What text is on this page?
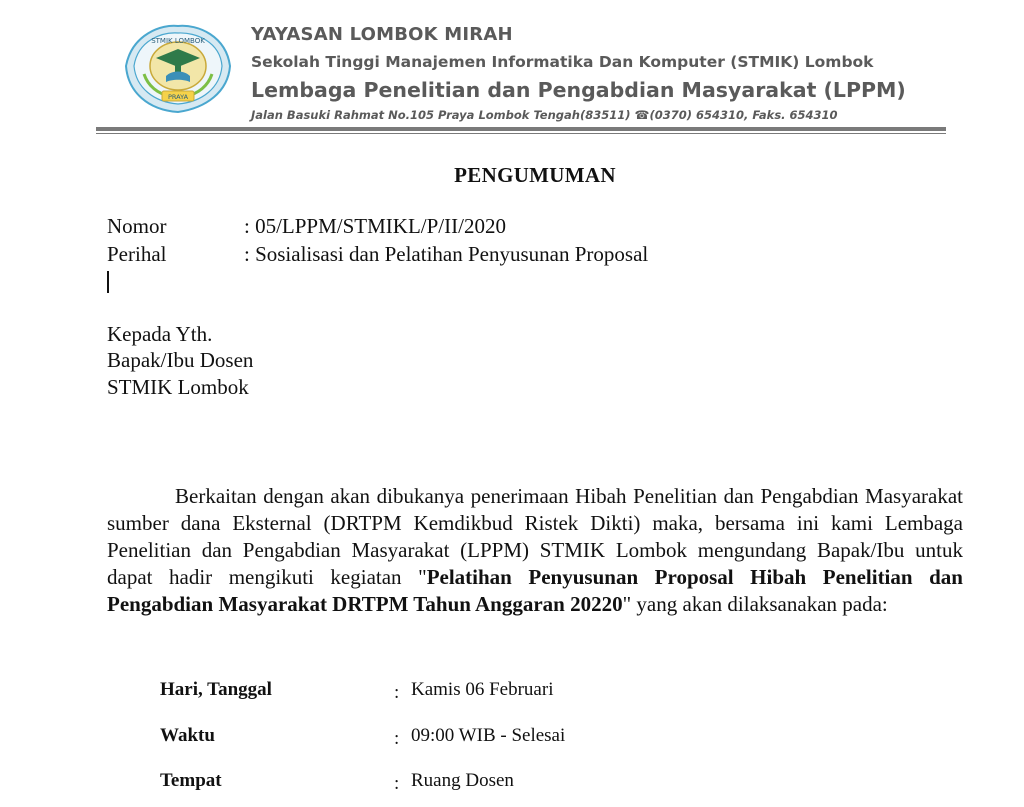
STMIK LOMBOK
PRAYA
YAYASAN LOMBOK MIRAH
Sekolah Tinggi Manajemen Informatika Dan Komputer (STMIK) Lombok
Lembaga Penelitian dan Pengabdian Masyarakat (LPPM)
Jalan Basuki Rahmat No.105 Praya Lombok Tengah(83511) ☎(0370) 654310, Faks. 654310
PENGUMUMAN
Nomor	: 05/LPPM/STMIKL/P/II/2020
Perihal	: Sosialisasi dan Pelatihan Penyusunan Proposal
Kepada Yth.
Bapak/Ibu Dosen
STMIK Lombok
Berkaitan dengan akan dibukanya penerimaan Hibah Penelitian dan Pengabdian Masyarakat sumber dana Eksternal (DRTPM Kemdikbud Ristek Dikti) maka, bersama ini kami Lembaga Penelitian dan Pengabdian Masyarakat (LPPM) STMIK Lombok mengundang Bapak/Ibu untuk dapat hadir mengikuti kegiatan "Pelatihan Penyusunan Proposal Hibah Penelitian dan Pengabdian Masyarakat DRTPM Tahun Anggaran 20220" yang akan dilaksanakan pada:
Hari, Tanggal	: Kamis 06 Februari
Waktu	: 09:00 WIB - Selesai
Tempat	: Ruang Dosen
